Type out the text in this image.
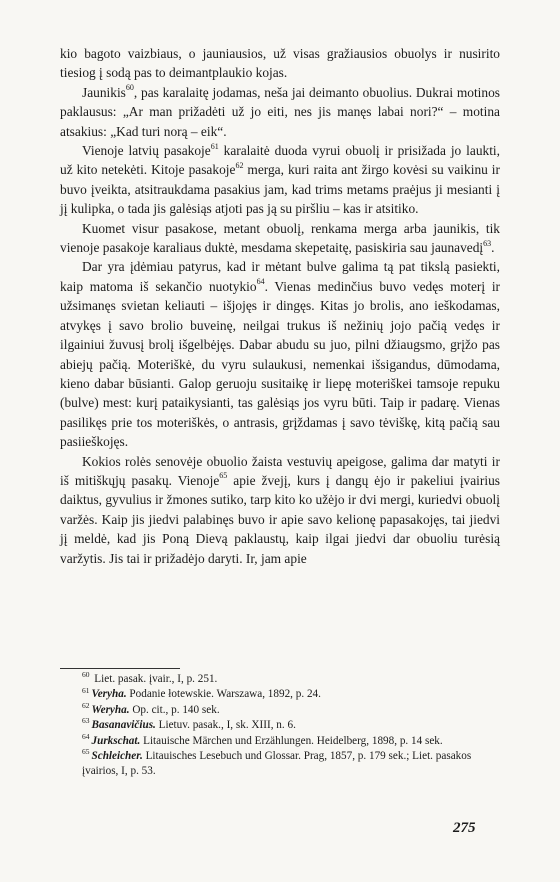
kio bagoto vaizbiaus, o jauniausios, už visas gražiausios obuolys ir nusirito tiesiog į sodą pas to deimantplaukio kojas.

Jaunikis$^{60}$, pas karalaitę jodamas, neša jai deimanto obuolius. Dukrai motinos paklausus: „Ar man prižadėti už jo eiti, nes jis manęs labai nori?“ – motina atsakius: „Kad turi norą – eik“.

Vienoje latvių pasakoje$^{61}$ karalaitė duoda vyrui obuolį ir prisižada jo laukti, už kito netekėti. Kitoje pasakoje$^{62}$ merga, kuri raita ant žirgo kovėsi su vaikinu ir buvo įveikta, atsitraukdama pasakius jam, kad trims metams praėjus ji mesianti į jį kulipka, o tada jis galėsiąs atjoti pas ją su piršliu – kas ir atsitiko.

Kuomet visur pasakose, metant obuolį, renkama merga arba jaunikis, tik vienoje pasakoje karaliaus duktė, mesdama skepetaitę, pasiskiria sau jaunavedį$^{63}$.

Dar yra įdėmiau patyrus, kad ir mėtant bulve galima tą pat tikslą pasiekti, kaip matoma iš sekančio nuotykio$^{64}$. Vienas medinčius buvo vedęs moterį ir užsimanęs svietan keliauti – išjojęs ir dingęs. Kitas jo brolis, ano ieškodamas, atvykęs į savo brolio buveinę, neilgai trukus iš nežinių jojo pačią vedęs ir ilgainiui žuvusį brolį išgelbėjęs. Dabar abudu su juo, pilni džiaugsmo, grįžo pas abiejų pačią. Moteriškė, du vyru sulaukusi, nemenkai išsigandus, dūmodama, kieno dabar būsianti. Galop geruoju susitaikę ir liepę moteriškei tamsoje repuku (bulve) mest: kurį pataikysianti, tas galėsiąs jos vyru būti. Taip ir padarę. Vienas pasilikęs prie tos moteriškės, o antrasis, grįždamas į savo tėviškę, kitą pačią sau pasiieškojęs.

Kokios rolės senovėje obuolio žaista vestuvių apeigose, galima dar matyti ir iš mitiškųjų pasakų. Vienoje$^{65}$ apie žvejį, kurs į dangų ėjo ir pakeliui įvairius daiktus, gyvulius ir žmones sutiko, tarp kito ko užėjo ir dvi mergi, kuriedvi obuolį varžės. Kaip jis jiedvi palabinęs buvo ir apie savo kelionę papasakojęs, tai jiedvi jį meldė, kad jis Poną Dievą paklaustų, kaip ilgai jiedvi dar obuoliu turėsią varžytis. Jis tai ir prižadėjo daryti. Ir, jam apie

$^{60}$ Liet. pasak. įvair., I, p. 251.

$^{61}$ Veryha. Podanie łotewskie. Warszawa, 1892, p. 24.

$^{62}$ Weryha. Op. cit., p. 140 sek.

$^{63}$ Basanavičius. Lietuv. pasak., I, sk. XIII, n. 6.

$^{64}$ Jurkschat. Litauische Märchen und Erzählungen. Heidelberg, 1898, p. 14 sek.

$^{65}$ Schleicher. Litauisches Lesebuch und Glossar. Prag, 1857, p. 179 sek.; Liet. pasakos įvairios, I, p. 53.

275
